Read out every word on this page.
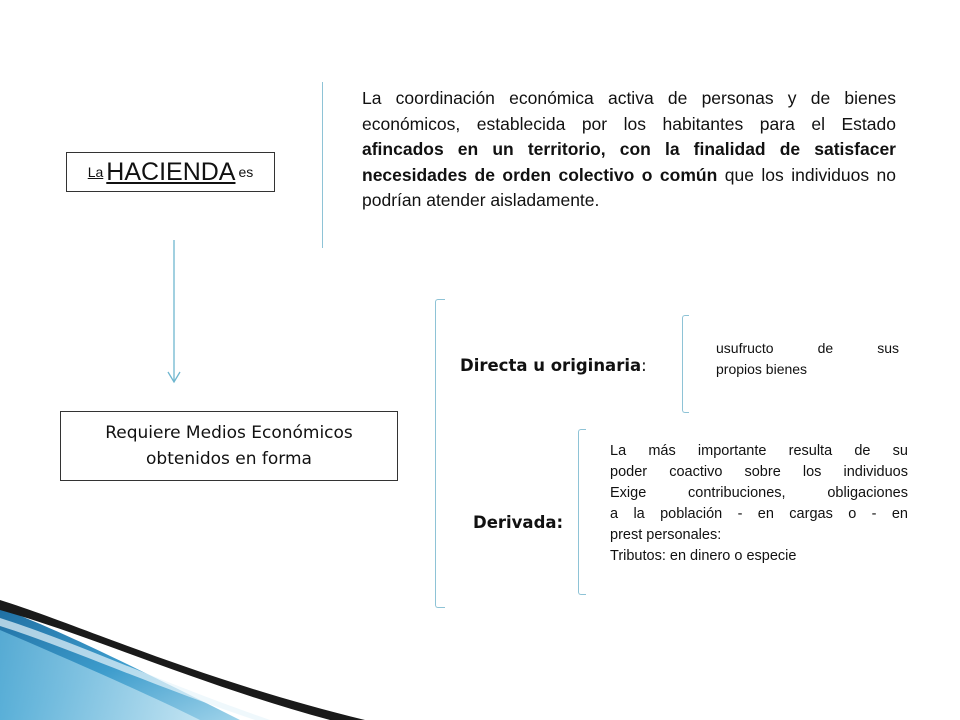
La HACIENDA es
La coordinación económica activa de personas y de bienes económicos, establecida por los habitantes para el Estado afincados en un territorio, con la finalidad de satisfacer necesidades de orden colectivo o común que los individuos no podrían atender aisladamente.
Requiere Medios Económicos
obtenidos en forma
Directa u originaria:
usufructo de sus
propios bienes
Derivada:
La más importante resulta de su
poder coactivo sobre los individuos
Exige contribuciones, obligaciones
a la población - en cargas o - en
prest personales:
Tributos: en dinero o especie
